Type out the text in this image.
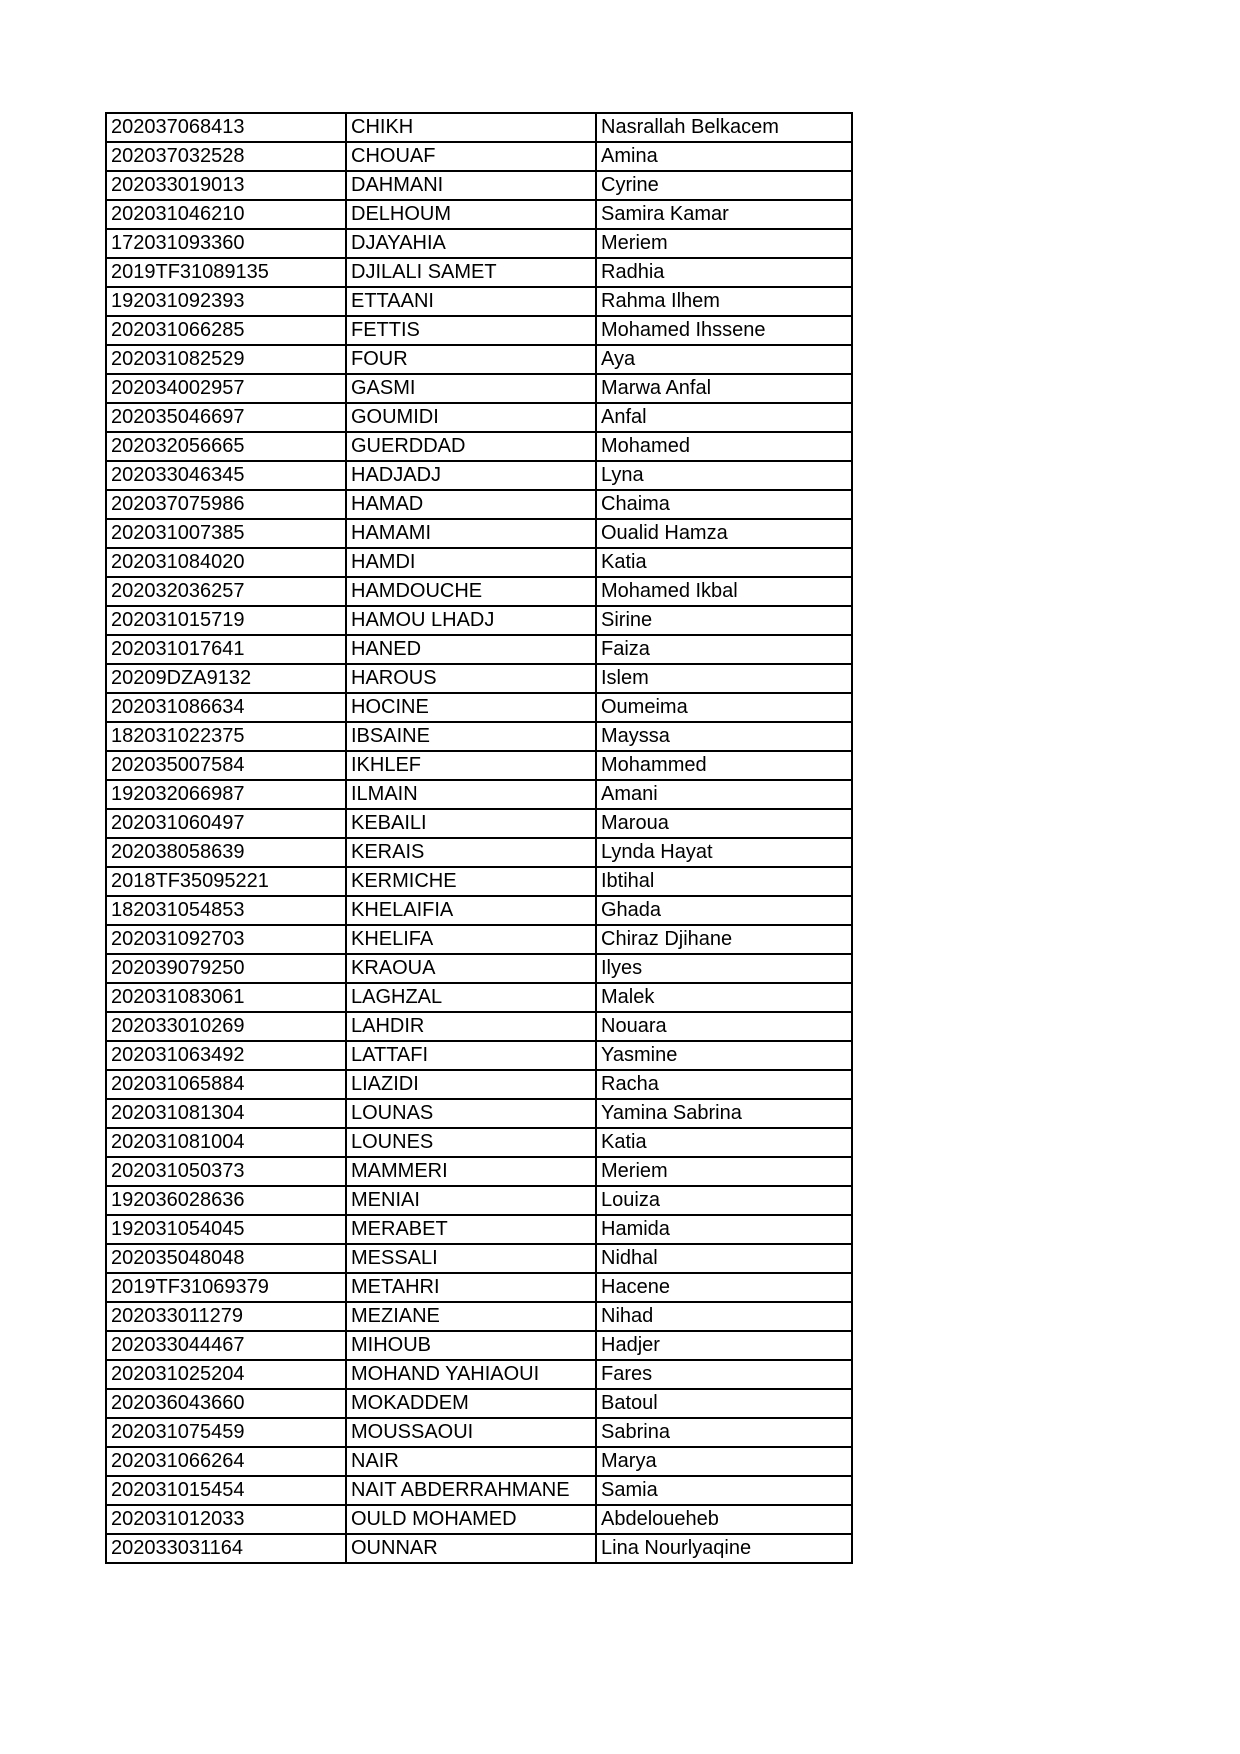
202037068413	CHIKH	Nasrallah Belkacem
202037032528	CHOUAF	Amina
202033019013	DAHMANI	Cyrine
202031046210	DELHOUM	Samira Kamar
172031093360	DJAYAHIA	Meriem
2019TF31089135	DJILALI SAMET	Radhia
192031092393	ETTAANI	Rahma Ilhem
202031066285	FETTIS	Mohamed Ihssene
202031082529	FOUR	Aya
202034002957	GASMI	Marwa Anfal
202035046697	GOUMIDI	Anfal
202032056665	GUERDDAD	Mohamed
202033046345	HADJADJ	Lyna
202037075986	HAMAD	Chaima
202031007385	HAMAMI	Oualid Hamza
202031084020	HAMDI	Katia
202032036257	HAMDOUCHE	Mohamed Ikbal
202031015719	HAMOU LHADJ	Sirine
202031017641	HANED	Faiza
20209DZA9132	HAROUS	Islem
202031086634	HOCINE	Oumeima
182031022375	IBSAINE	Mayssa
202035007584	IKHLEF	Mohammed
192032066987	ILMAIN	Amani
202031060497	KEBAILI	Maroua
202038058639	KERAIS	Lynda Hayat
2018TF35095221	KERMICHE	Ibtihal
182031054853	KHELAIFIA	Ghada
202031092703	KHELIFA	Chiraz Djihane
202039079250	KRAOUA	Ilyes
202031083061	LAGHZAL	Malek
202033010269	LAHDIR	Nouara
202031063492	LATTAFI	Yasmine
202031065884	LIAZIDI	Racha
202031081304	LOUNAS	Yamina Sabrina
202031081004	LOUNES	Katia
202031050373	MAMMERI	Meriem
192036028636	MENIAI	Louiza
192031054045	MERABET	Hamida
202035048048	MESSALI	Nidhal
2019TF31069379	METAHRI	Hacene
202033011279	MEZIANE	Nihad
202033044467	MIHOUB	Hadjer
202031025204	MOHAND YAHIAOUI	Fares
202036043660	MOKADDEM	Batoul
202031075459	MOUSSAOUI	Sabrina
202031066264	NAIR	Marya
202031015454	NAIT ABDERRAHMANE	Samia
202031012033	OULD MOHAMED	Abdeloueheb
202033031164	OUNNAR	Lina Nourlyaqine
